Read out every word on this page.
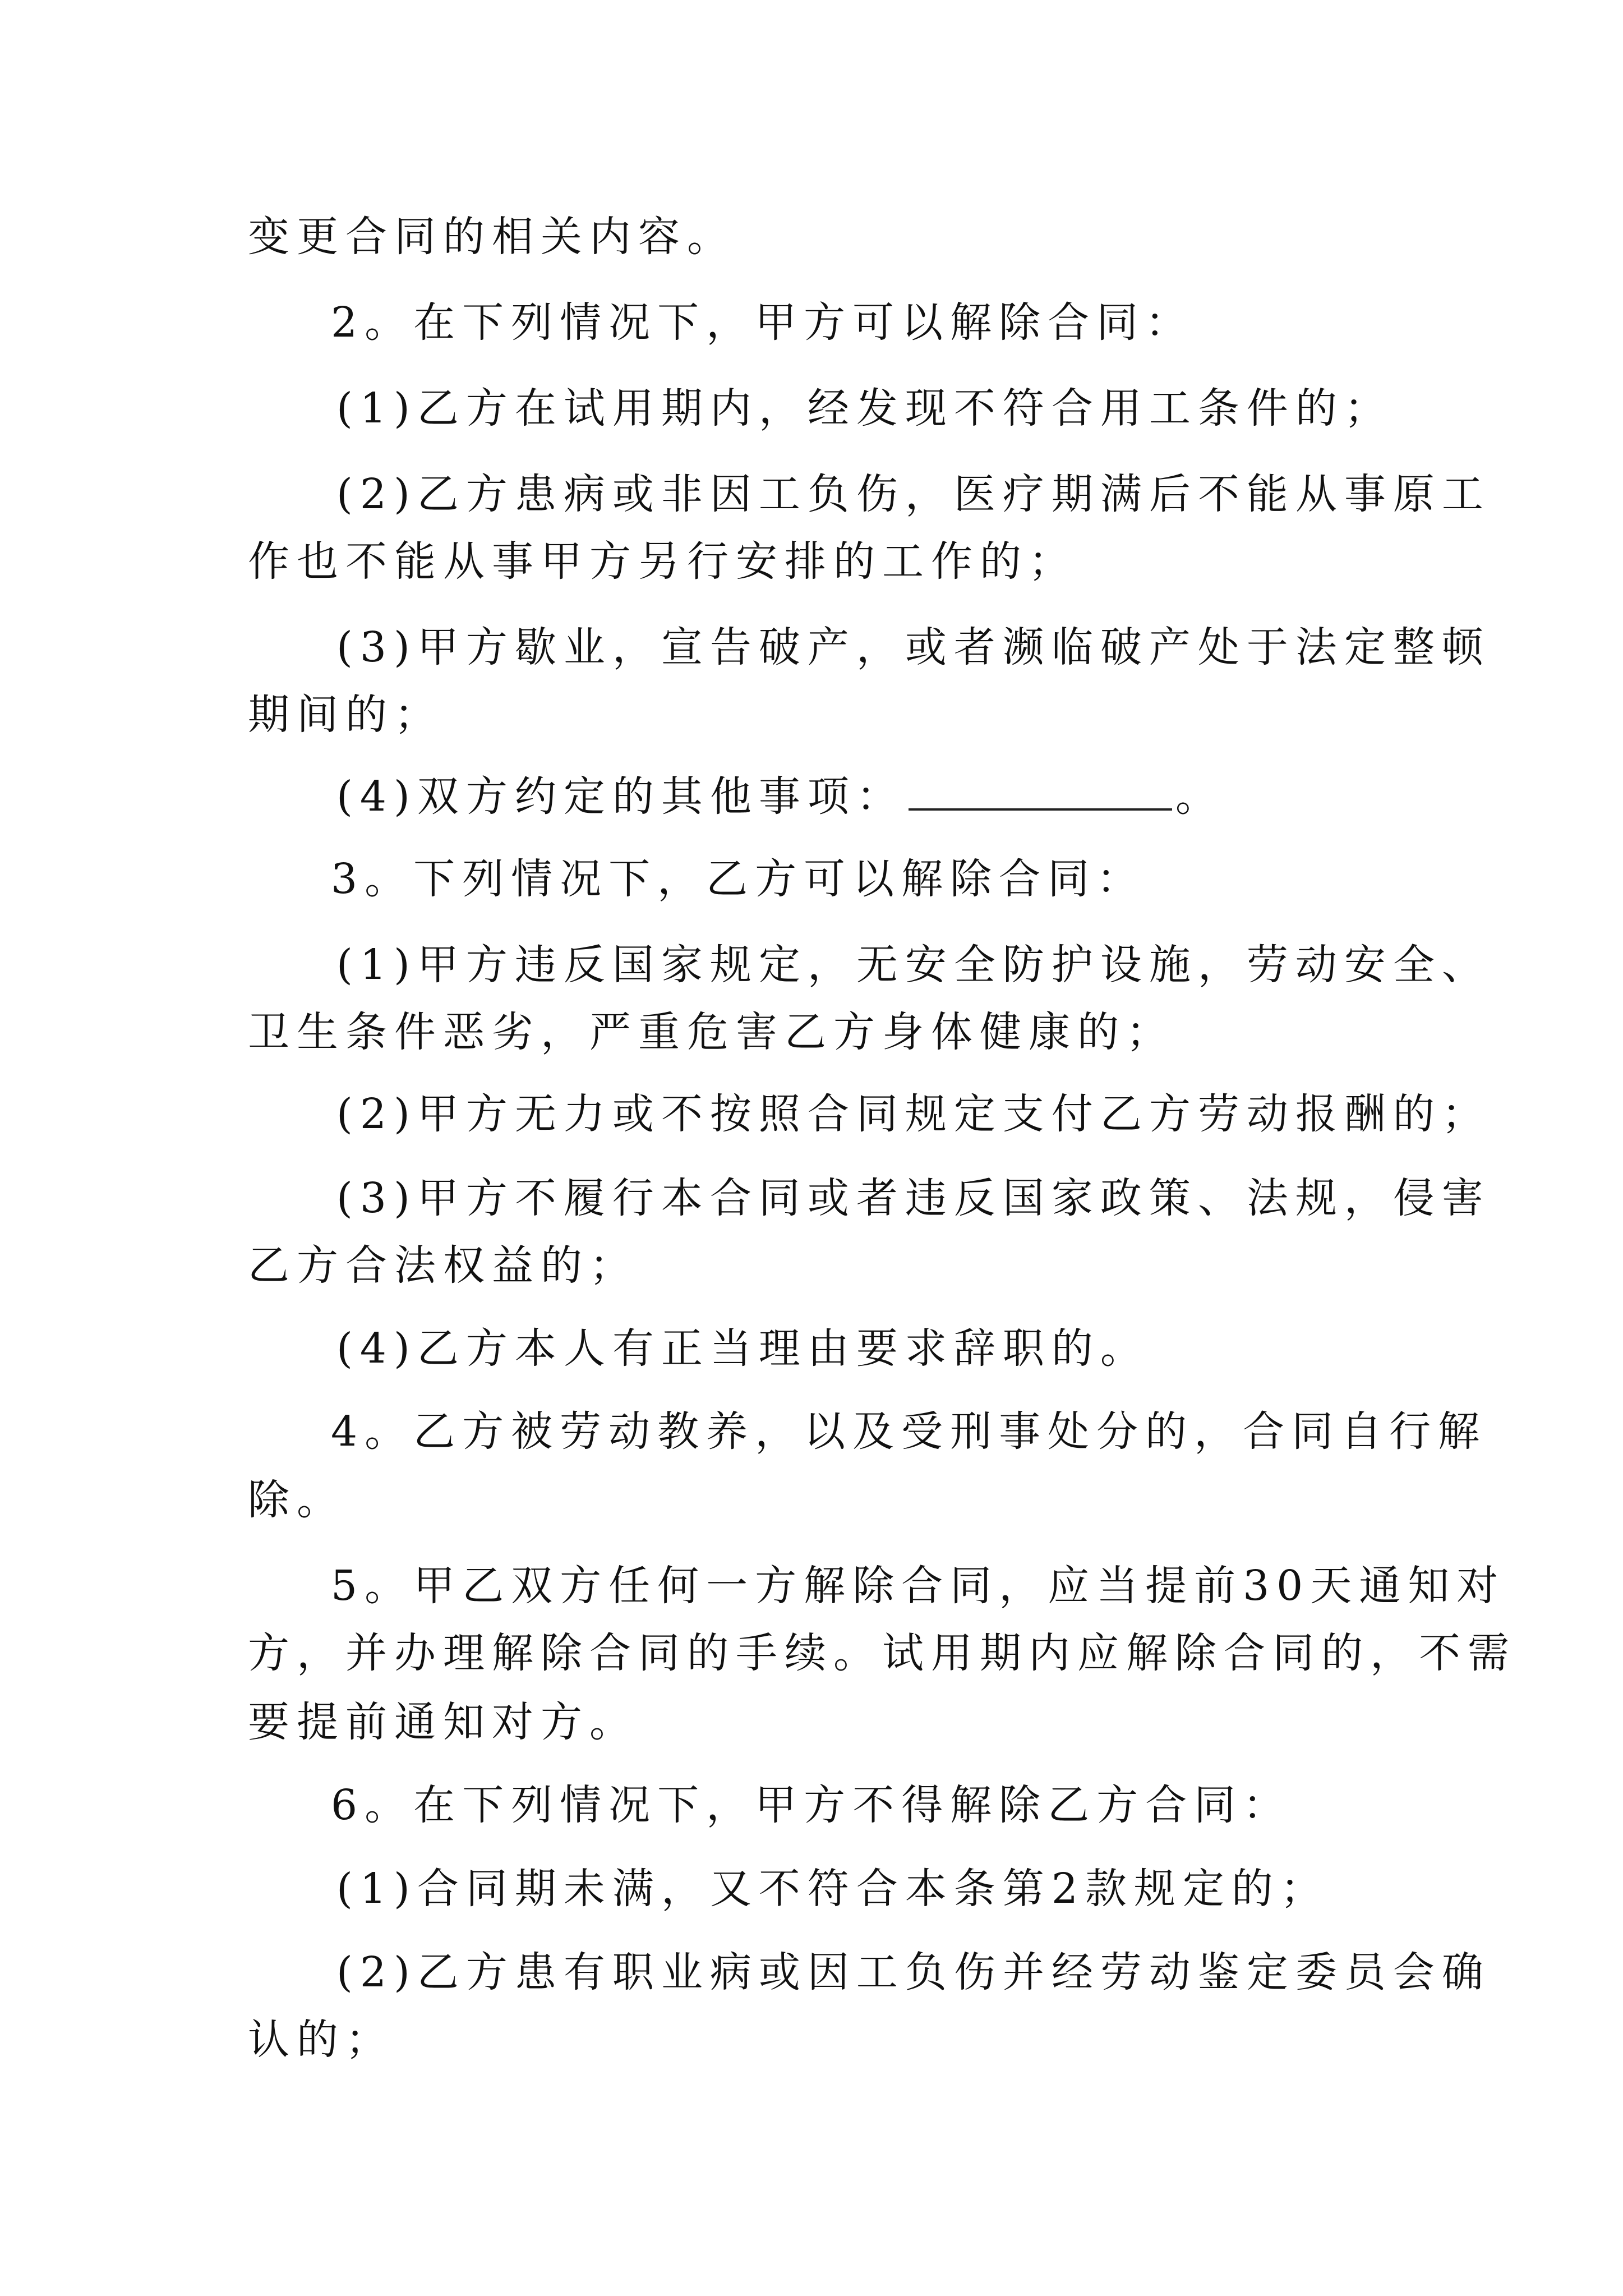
变更合同的相关内容。
2。在下列情况下，甲方可以解除合同：
(1)乙方在试用期内，经发现不符合用工条件的；
(2)乙方患病或非因工负伤，医疗期满后不能从事原工
作也不能从事甲方另行安排的工作的；
(3)甲方歇业，宣告破产，或者濒临破产处于法定整顿
期间的；
(4)双方约定的其他事项：	。
3。下列情况下，乙方可以解除合同：
(1)甲方违反国家规定，无安全防护设施，劳动安全、
卫生条件恶劣，严重危害乙方身体健康的；
(2)甲方无力或不按照合同规定支付乙方劳动报酬的；
(3)甲方不履行本合同或者违反国家政策、法规，侵害
乙方合法权益的；
(4)乙方本人有正当理由要求辞职的。
4。乙方被劳动教养，以及受刑事处分的，合同自行解
除。
5。甲乙双方任何一方解除合同，应当提前30天通知对
方，并办理解除合同的手续。试用期内应解除合同的，不需
要提前通知对方。
6。在下列情况下，甲方不得解除乙方合同：
(1)合同期未满，又不符合本条第2款规定的；
(2)乙方患有职业病或因工负伤并经劳动鉴定委员会确
认的；
